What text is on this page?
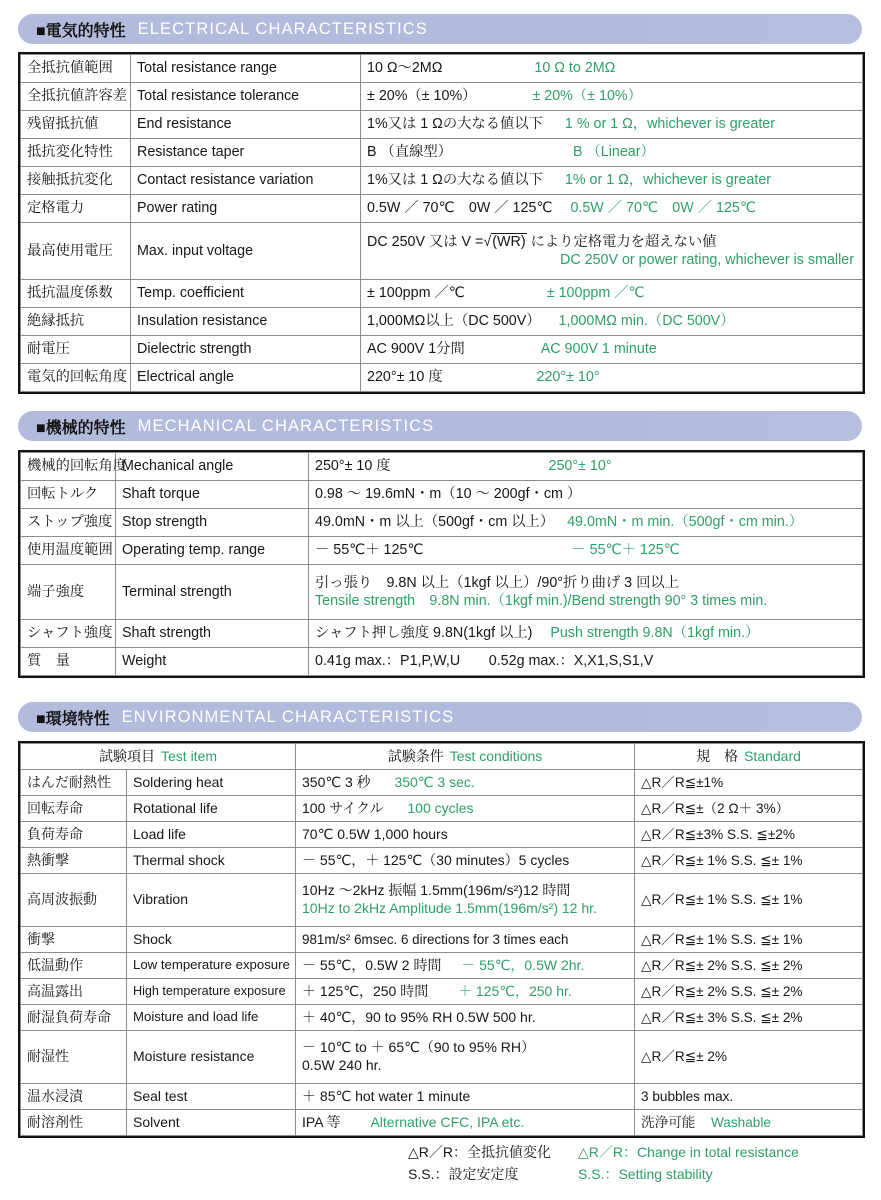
■電気的特性 ELECTRICAL CHARACTERISTICS
全抵抗値範囲	Total resistance range	10 Ω～2MΩ 10 Ω to 2MΩ
全抵抗値許容差	Total resistance tolerance	± 20%（± 10%） ± 20%（± 10%）
残留抵抗値	End resistance	1%又は 1 Ωの大なる値以下 1 % or 1 Ω，whichever is greater
抵抗変化特性	Resistance taper	B （直線型） B （Linear）
接触抵抗変化	Contact resistance variation	1%又は 1 Ωの大なる値以下 1% or 1 Ω，whichever is greater
定格電力	Power rating	0.5W ／ 70℃　0W ／ 125℃ 0.5W ／ 70℃　0W ／ 125℃
最高使用電圧	Max. input voltage	DC 250V 又は V =√(WR) により定格電力を超えない値
DC 250V or power rating, whichever is smaller

抵抗温度係数	Temp. coefficient	± 100ppm ／℃ ± 100ppm ／℃
絶縁抵抗	Insulation resistance	1,000MΩ以上（DC 500V） 1,000MΩ min.（DC 500V）
耐電圧	Dielectric strength	AC 900V 1分間 AC 900V 1 minute
電気的回転角度	Electrical angle	220°± 10 度 220°± 10°
■機械的特性 MECHANICAL CHARACTERISTICS
機械的回転角度	Mechanical angle	250°± 10 度 250°± 10°
回転トルク	Shaft torque	0.98 ～ 19.6mN・m（10 ～ 200gf・cm ）
ストップ強度	Stop strength	49.0mN・m 以上（500gf・cm 以上） 49.0mN・m min.（500gf・cm min.）
使用温度範囲	Operating temp. range	－ 55℃＋ 125℃ － 55℃＋ 125℃
端子強度	Terminal strength	引っ張り　9.8N 以上（1kgf 以上）/90°折り曲げ 3 回以上
Tensile strength　9.8N min.（1kgf min.)/Bend strength 90° 3 times min.

シャフト強度	Shaft strength	シャフト押し強度 9.8N(1kgf 以上) Push strength 9.8N（1kgf min.）
質　量	Weight	0.41g max.：P1,P,W,U　　0.52g max.：X,X1,S,S1,V
■環境特性 ENVIRONMENTAL CHARACTERISTICS
試験項目 Test item		試験条件 Test conditions	規　格 Standard
はんだ耐熱性	Soldering heat	350℃ 3 秒 350℃ 3 sec.	△R／R≦±1%
回転寿命	Rotational life	100 サイクル 100 cycles	△R／R≦±（2 Ω＋ 3%）
負荷寿命	Load life	70℃ 0.5W 1,000 hours	△R／R≦±3% S.S. ≦±2%
熱衝撃	Thermal shock	－ 55℃，＋ 125℃（30 minutes）5 cycles	△R／R≦± 1% S.S. ≦± 1%
高周波振動	Vibration	10Hz ～2kHz 振幅 1.5mm(196m/s²)12 時間
10Hz to 2kHz Amplitude 1.5mm(196m/s²) 12 hr.	△R／R≦± 1% S.S. ≦± 1%
衝撃	Shock	981m/s² 6msec. 6 directions for 3 times each	△R／R≦± 1% S.S. ≦± 1%
低温動作	Low temperature exposure	－ 55℃，0.5W 2 時間 － 55℃，0.5W 2hr.	△R／R≦± 2% S.S. ≦± 2%
高温露出	High temperature exposure	＋ 125℃，250 時間 ＋ 125℃，250 hr.	△R／R≦± 2% S.S. ≦± 2%
耐湿負荷寿命	Moisture and load life	＋ 40℃，90 to 95% RH 0.5W 500 hr.	△R／R≦± 3% S.S. ≦± 2%
耐湿性	Moisture resistance	－ 10℃ to ＋ 65℃（90 to 95% RH）
0.5W 240 hr.	△R／R≦± 2%
温水浸漬	Seal test	＋ 85℃ hot water 1 minute	3 bubbles max.
耐溶剤性	Solvent	IPA 等 Alternative CFC, IPA etc.	洗浄可能 Washable
△R／R：全抵抗値変化	△R／R：Change in total resistance
S.S.：設定安定度	S.S.：Setting stability
